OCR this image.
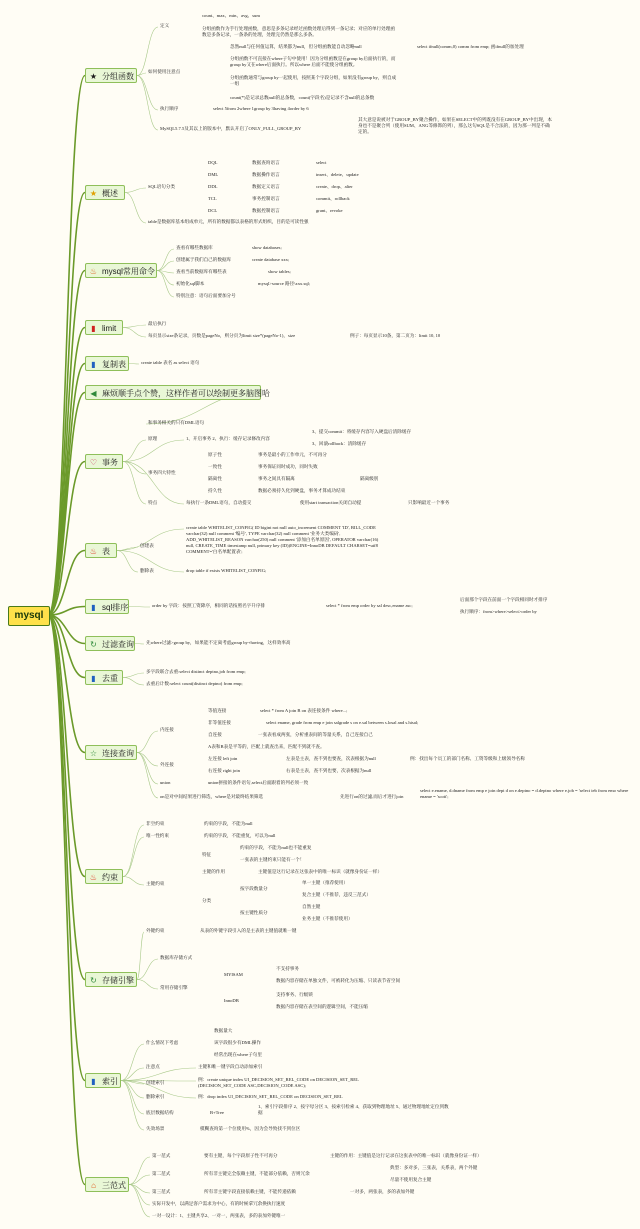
mysql
★ 分组函数
★ 概述
♨ mysql常用命令
▮ limit
▮ 复制表
◀ 麻烦顺手点个赞，这样作者可以绘制更多脑图哈
♡ 事务
♨ 表
▮ sql排序
↻ 过滤查询
▮ 去重
☆ 连接查询
♨ 约束
↻ 存储引擎
▮ 索引
⌂ 三范式
定义
count、max、min、avg、sum
分组函数作为手行处理函数，意思是多条记录经过函数处理后得到一条记录；对应的单行处理函数是多条记录，一条条的处理，处理完仍然是那么多条。
如何使用注意点
忽然null与任何值运算，结果都为null，但分组函数能自动忽略null	select ifnull(comm,0) comm from emp; 函ifnull的加处理
分组函数不可直接在where子句中使用！因为分组函数是在group by后面执行的，而group by又在where后面执行。所以where 后面不能使分组函数。
分组函数通常与group by一起使用，按照某个字段分组，如果没有group by，则自成一组
count(*)是记录总数null的总条数，count(字段名)是记录不含null的总条数
执行顺序	select 5from 2where 1group by 3having 4order by 6
MySQL5.7.5及其以上的版本中，默认开启了ONLY_FULL_GROUP_BY
其大意是说被对于GROUP_BY聚合操作，如果在SELECT中的列既没有在GROUP_BY中出现，本身也不是聚合列（使用SUM、ANG等修饰的列），那么这句SQL是不合法的，因为那一列是不确定的。
SQL语句分类
table是数据库基本组成单元，所有的数据都以表格的形式组织，目的是可读性强
最后执行
每页显示size条记录，页数是pageNo，则分页为limit size*(pageNo-1)，size	例子：每页显示10条，第二页为：limit 10, 10
create table 表名 as select 语句
和事务相关的只有DML语句
原理	1、开启事务 2、执行：缓存记录修改内容
3、提交commit：将缓存内容写入硬盘后清除缓存
3、回滚rollback：清除缓存
事务四大特性
特点	每执行一条DML语句，自动提交	使用start transaction关闭自动提	只影响最近一个事务
创建表
create table WHITELIST_CONFIG( ID bigint not null auto_increment COMMENT 'ID', BILL_CODE varchar(32) null comment '编号', TYPE varchar(32) null comment '业务大类编码', ADD_WHITELIST_REASON varchar(250) null comment '添加白名单原因', OPERATOR varchar(16) null, CREATE_TIME timestamp null, primary key (ID))ENGINE=InnoDB DEFAULT CHARSET=utf8 COMMENT='白名单配置表';
删除表	drop table if exists WHITELIST_CONFIG;
order by 字段：按照工资降序，相同的话按照名字升序排	select * from emp order by sal desc,ename asc;
后面那个字段在前面一个字段相同时才排序
执行顺序：from>where>select>order by
先where过滤>group by，如果能不定离考虑group by+having，这样效率高
多字段联合去重:select distinct deptno,job from emp;
去重后计数:select count(distinct deptno) from emp;
内连接
等值连接	select * from A join B on 表连接条件 where...;
非等值连接	select ename, grade from emp e join salgrade s on e.sal between s.losal and s.hisal;
自连接	一张表看成两张，分析重表间的等量关系，自己连接自己
A表和B表是平等的，匹配上就查出来，匹配不到就不查。
外连接
左连接 left join	左表是主表，查不到也要查，次表根据为null	例：找出每个员工的部门名称、工资等级和上级领导名称
右连接 right join	右表是主表，查不到也要，次表根据为null
union	union拼接的条件语句,select后面跟着的列必须一致
on是对中间结果进行筛选，where是对最终结果筛选	先进行on的过滤,而后才进行join
select e.ename, d.dname from emp e join dept d on e.deptno = d.deptno where e.job = 'select ieb from emo where ename = 'scott';
非空约束	约束的字段，不能为null
唯一性约束	约束的字段，不能重复，可以为null
主键约束
特征
约束的字段，不能为null也不能重复
一张表的主键约束只能有一个！
主键的作用	主键值是这行记录在这张表中的唯一标识（就像身份证一样）
分类
按字段数量分
单一主键（推荐使用）
复合主键（不推荐，违反三范式）
按主键性质分
自然主键
业务主键（不推荐使用）
外键约束	从表的外键字段引入的是主表的主键值就唯一键
数据库存储方式
常用存储引擎
MYISAM
不支持事务
数据内容存储在单独文件，可被转化为压缩、只读表节省空间
InnoDB
支持事务、行级锁
数据内容存储在表空间的逻辑空间，不能压缩
什么情况下考虑
数据量大
该字段很少有DML操作
经常出现在where子句里
注意点	主键和唯一键字段自动添加索引
创建索引
例：create unique index UI_DECISION_SET_REL_CODE on DECISION_SET_REL (DECISION_SET_CODE ASC,DECISION_CODE ASC);
删除索引	例：drop index UI_DECISION_SET_REL_CODE on DECISION_SET_REL
底层数据结构	B+Tree
1、索引字段排序 2、按字母分区 3、按索引检索 4、获取到物理地址 5、通过物理地址定位到数据
失效场景	模糊查询第一个位使用%，因为会导致找不到位区
第一范式	要有主键，每个字段原子性不可再分	主键的作用：主键值是这行记录在这张表中的唯一标识（就像身份证一样）
第二范式	所有非主键完全依赖主键，不能部分依赖，否则冗余
典型：多对多，三张表，关系表，两个外键
尽量不使用复合主键
第三范式	所有非主键字段直接依赖主键，不能传递依赖	一对多，两张表，多的表加外键
实际开发中，以满足客户需求为中心，有的时候拿冗余换执行速度
一对一设计：1、主键共享2、一对一，两张表，多的表加外键唯一
DQL	数据查询语言	select
DML	数据操作语言	insert、delete、update
DDL	数据定义语言	create、drop、alter
TCL	事务控制语言	commit、rollback
DCL	数据控制语言	grant、revoke
查看有哪些数据库	show databases;
创建属于我们自己的数据库	create database xxx;
查看当前数据库有哪些表	show tables;
初始化sql脚本	mysql>source 路径\xxx.sql;
特别注意：语句后面要加分号
原子性	事务是最小的工作单元，不可再分
一致性	事务保证同时成功，同时失败
隔离性	事务之间具有隔离	隔离级别
持久性	数据必须持久化到硬盘，事务才算成功结束
